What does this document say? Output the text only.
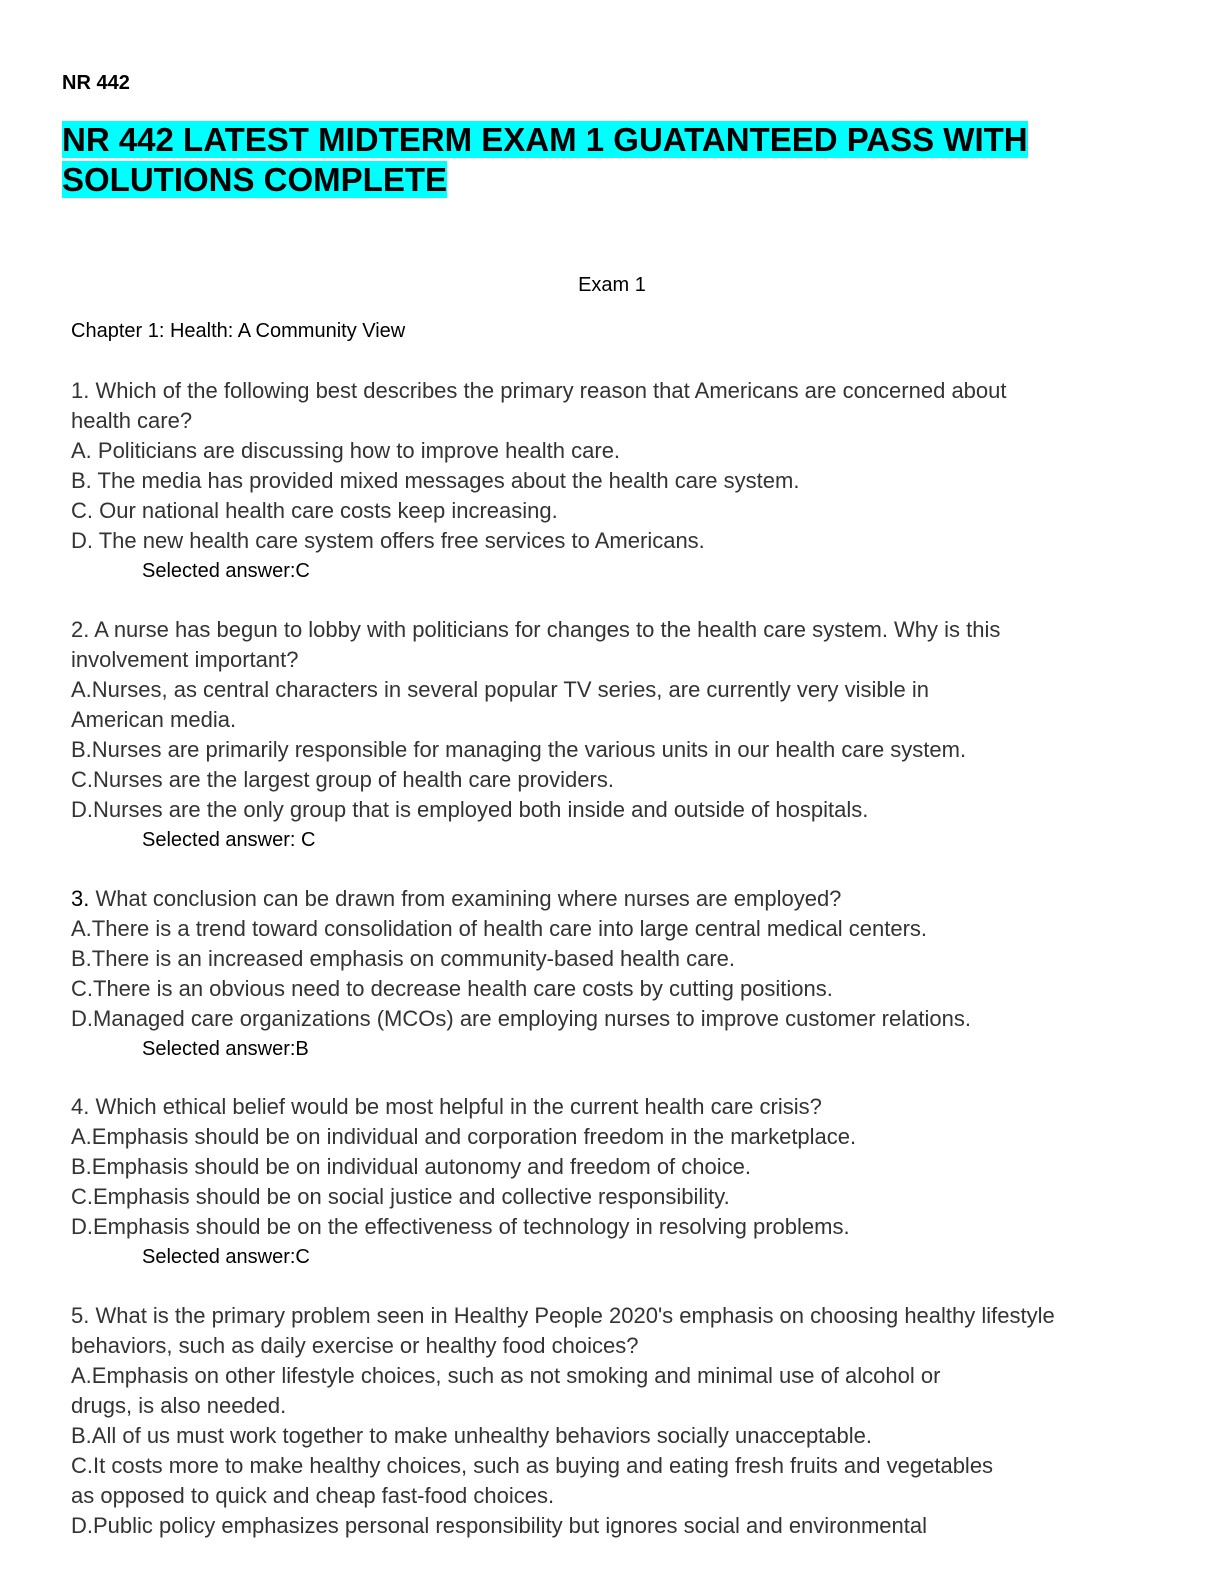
NR 442
NR 442 LATEST MIDTERM EXAM 1 GUATANTEED PASS WITH
SOLUTIONS COMPLETE
Exam 1
Chapter 1: Health: A Community View

1. Which of the following best describes the primary reason that Americans are concerned about

health care?

A. Politicians are discussing how to improve health care.

B. The media has provided mixed messages about the health care system.

C. Our national health care costs keep increasing.

D. The new health care system offers free services to Americans.

Selected answer:C

2. A nurse has begun to lobby with politicians for changes to the health care system. Why is this

involvement important?

A.Nurses, as central characters in several popular TV series, are currently very visible in

American media.

B.Nurses are primarily responsible for managing the various units in our health care system.

C.Nurses are the largest group of health care providers.

D.Nurses are the only group that is employed both inside and outside of hospitals.

Selected answer: C

3. What conclusion can be drawn from examining where nurses are employed?

A.There is a trend toward consolidation of health care into large central medical centers.

B.There is an increased emphasis on community-based health care.

C.There is an obvious need to decrease health care costs by cutting positions.

D.Managed care organizations (MCOs) are employing nurses to improve customer relations.

Selected answer:B

4. Which ethical belief would be most helpful in the current health care crisis?

A.Emphasis should be on individual and corporation freedom in the marketplace.

B.Emphasis should be on individual autonomy and freedom of choice.

C.Emphasis should be on social justice and collective responsibility.

D.Emphasis should be on the effectiveness of technology in resolving problems.

Selected answer:C

5. What is the primary problem seen in Healthy People 2020's emphasis on choosing healthy lifestyle

behaviors, such as daily exercise or healthy food choices?

A.Emphasis on other lifestyle choices, such as not smoking and minimal use of alcohol or

drugs, is also needed.

B.All of us must work together to make unhealthy behaviors socially unacceptable.

C.It costs more to make healthy choices, such as buying and eating fresh fruits and vegetables

as opposed to quick and cheap fast-food choices.

D.Public policy emphasizes personal responsibility but ignores social and environmental
